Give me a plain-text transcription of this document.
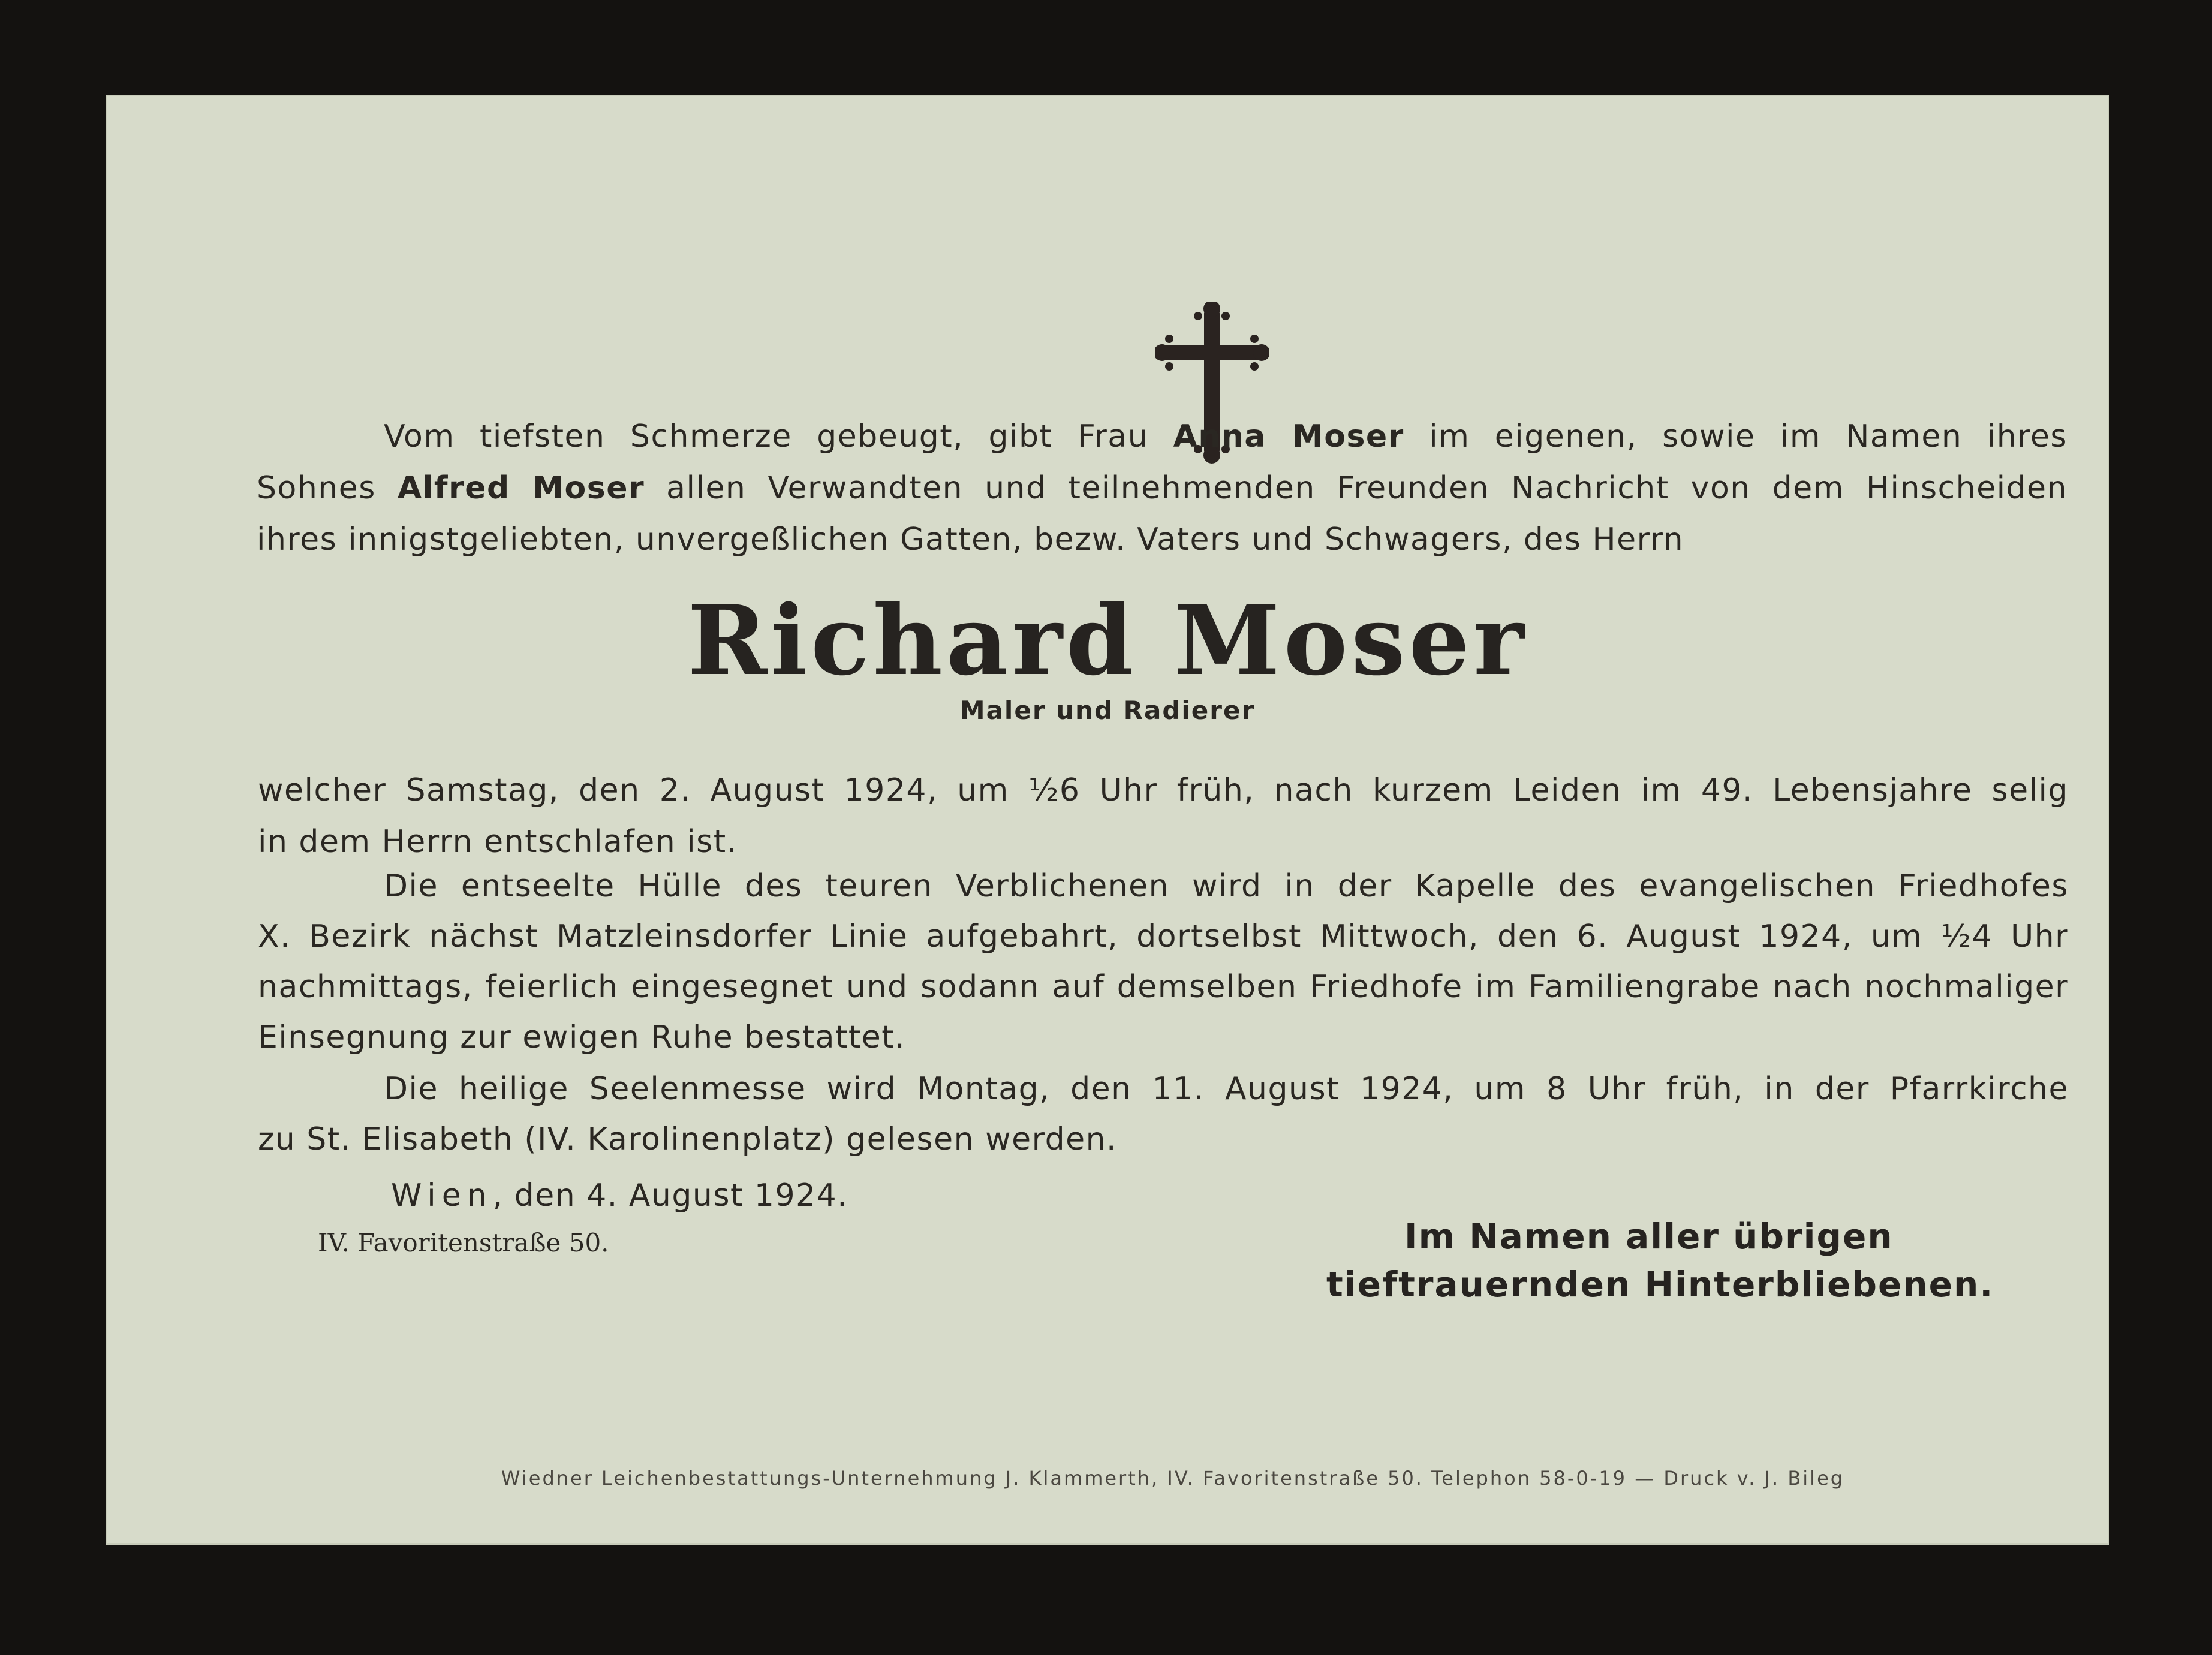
Vom tiefsten Schmerze gebeugt, gibt Frau Anna Moser im eigenen, sowie im Namen ihres
Sohnes Alfred Moser allen Verwandten und teilnehmenden Freunden Nachricht von dem Hinscheiden
ihres innigstgeliebten, unvergeßlichen Gatten, bezw. Vaters und Schwagers, des Herrn
Richard Moser
Maler und Radierer
welcher Samstag, den 2. August 1924, um ½6 Uhr früh, nach kurzem Leiden im 49. Lebensjahre selig
in dem Herrn entschlafen ist.
Die entseelte Hülle des teuren Verblichenen wird in der Kapelle des evangelischen Friedhofes
X. Bezirk nächst Matzleinsdorfer Linie aufgebahrt, dortselbst Mittwoch, den 6. August 1924, um ½4 Uhr
nachmittags, feierlich eingesegnet und sodann auf demselben Friedhofe im Familiengrabe nach nochmaliger
Einsegnung zur ewigen Ruhe bestattet.
Die heilige Seelenmesse wird Montag, den 11. August 1924, um 8 Uhr früh, in der Pfarrkirche
zu St. Elisabeth (IV. Karolinenplatz) gelesen werden.
Wien, den 4. August 1924.
IV. Favoritenstraße 50.	Im Namen aller übrigen
tieftrauernden Hinterbliebenen.
Wiedner Leichenbestattungs-Unternehmung J. Klammerth, IV. Favoritenstraße 50. Telephon 58-0-19 — Druck v. J. Bileg
